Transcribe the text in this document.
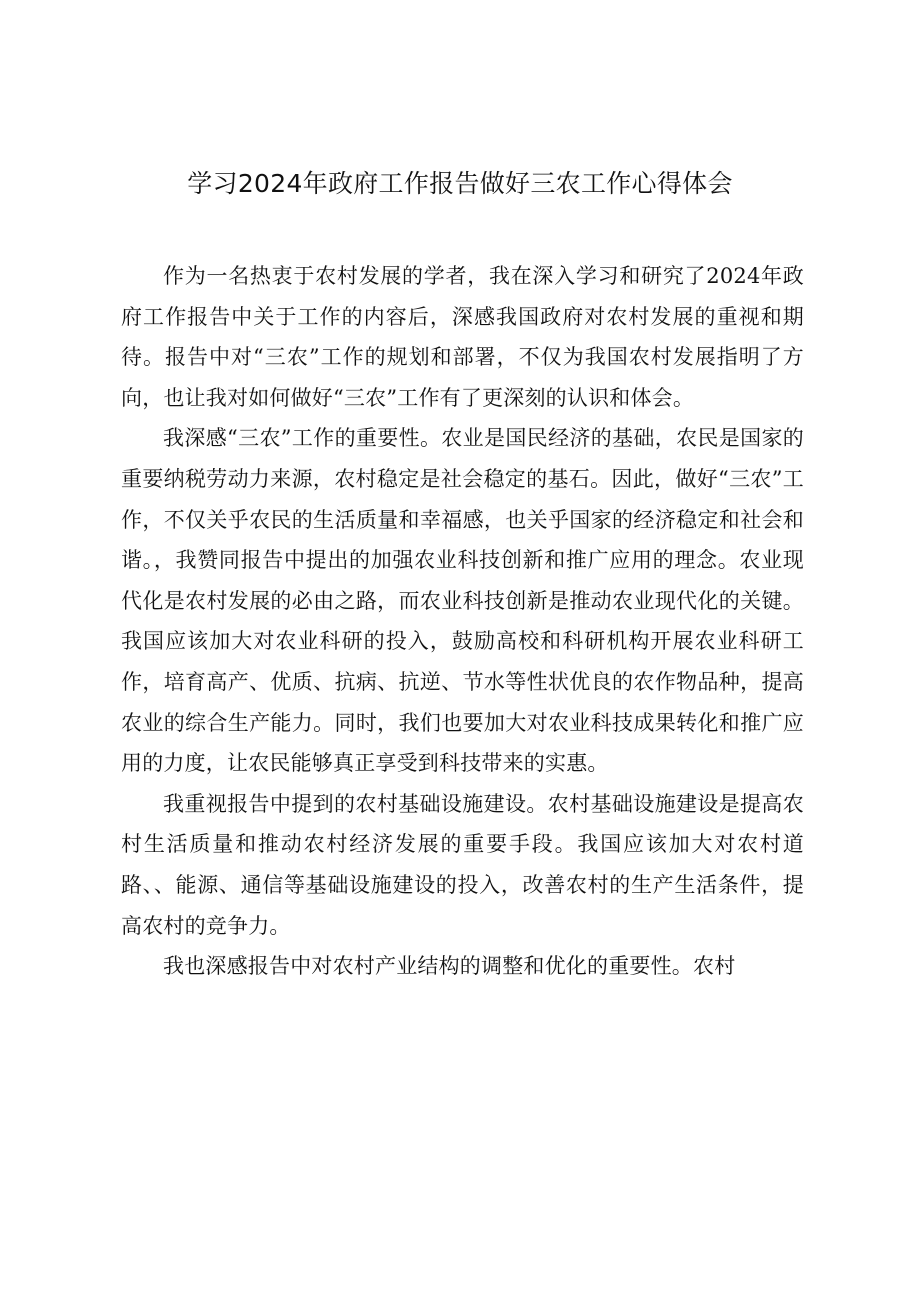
学习2024年政府工作报告做好三农工作心得体会

作为一名热衷于农村发展的学者，我在深入学习和研究了2024年政府工作报告中关于工作的内容后，深感我国政府对农村发展的重视和期待。报告中对“三农”工作的规划和部署，不仅为我国农村发展指明了方向，也让我对如何做好“三农”工作有了更深刻的认识和体会。

我深感“三农”工作的重要性。农业是国民经济的基础，农民是国家的重要纳税劳动力来源，农村稳定是社会稳定的基石。因此，做好“三农”工作，不仅关乎农民的生活质量和幸福感，也关乎国家的经济稳定和社会和谐。，我赞同报告中提出的加强农业科技创新和推广应用的理念。农业现代化是农村发展的必由之路，而农业科技创新是推动农业现代化的关键。我国应该加大对农业科研的投入，鼓励高校和科研机构开展农业科研工作，培育高产、优质、抗病、抗逆、节水等性状优良的农作物品种，提高农业的综合生产能力。同时，我们也要加大对农业科技成果转化和推广应用的力度，让农民能够真正享受到科技带来的实惠。

我重视报告中提到的农村基础设施建设。农村基础设施建设是提高农村生活质量和推动农村经济发展的重要手段。我国应该加大对农村道路、、能源、通信等基础设施建设的投入，改善农村的生产生活条件，提高农村的竞争力。

我也深感报告中对农村产业结构的调整和优化的重要性。农村
